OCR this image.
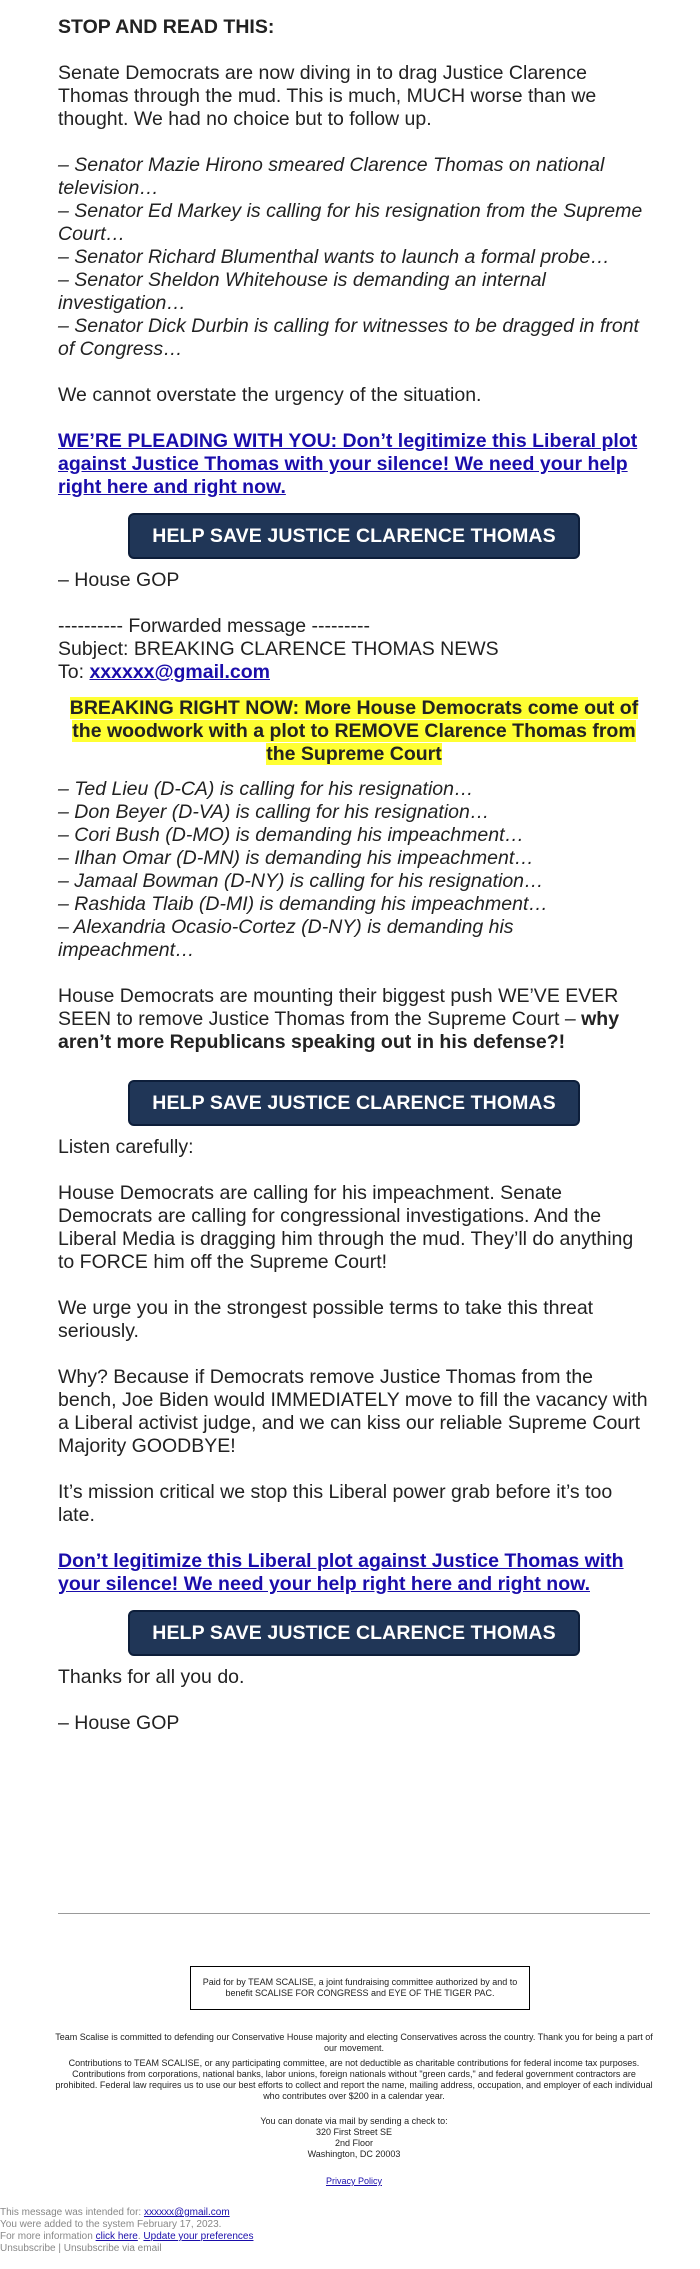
STOP AND READ THIS:

Senate Democrats are now diving in to drag Justice Clarence Thomas through the mud. This is much, MUCH worse than we thought. We had no choice but to follow up.

– Senator Mazie Hirono smeared Clarence Thomas on national television…

– Senator Ed Markey is calling for his resignation from the Supreme Court…

– Senator Richard Blumenthal wants to launch a formal probe…

– Senator Sheldon Whitehouse is demanding an internal investigation…

– Senator Dick Durbin is calling for witnesses to be dragged in front of Congress…

We cannot overstate the urgency of the situation.

WE’RE PLEADING WITH YOU: Don’t legitimize this Liberal plot against Justice Thomas with your silence! We need your help right here and right now.

HELP SAVE JUSTICE CLARENCE THOMAS

– House GOP

---------- Forwarded message ---------

Subject: BREAKING CLARENCE THOMAS NEWS

To: xxxxxx@gmail.com

BREAKING RIGHT NOW: More House Democrats come out of the woodwork with a plot to REMOVE Clarence Thomas from the Supreme Court

– Ted Lieu (D-CA) is calling for his resignation…

– Don Beyer (D-VA) is calling for his resignation…

– Cori Bush (D-MO) is demanding his impeachment…

– Ilhan Omar (D-MN) is demanding his impeachment…

– Jamaal Bowman (D-NY) is calling for his resignation…

– Rashida Tlaib (D-MI) is demanding his impeachment…

– Alexandria Ocasio-Cortez (D-NY) is demanding his impeachment…

House Democrats are mounting their biggest push WE’VE EVER SEEN to remove Justice Thomas from the Supreme Court – why aren’t more Republicans speaking out in his defense?!

HELP SAVE JUSTICE CLARENCE THOMAS

Listen carefully:

House Democrats are calling for his impeachment. Senate Democrats are calling for congressional investigations. And the Liberal Media is dragging him through the mud. They’ll do anything to FORCE him off the Supreme Court!

We urge you in the strongest possible terms to take this threat seriously.

Why? Because if Democrats remove Justice Thomas from the bench, Joe Biden would IMMEDIATELY move to fill the vacancy with a Liberal activist judge, and we can kiss our reliable Supreme Court Majority GOODBYE!

It’s mission critical we stop this Liberal power grab before it’s too late.

Don’t legitimize this Liberal plot against Justice Thomas with your silence! We need your help right here and right now.

HELP SAVE JUSTICE CLARENCE THOMAS

Thanks for all you do.

– House GOP

Paid for by TEAM SCALISE, a joint fundraising committee authorized by and to benefit SCALISE FOR CONGRESS and EYE OF THE TIGER PAC.
Team Scalise is committed to defending our Conservative House majority and electing Conservatives across the country. Thank you for being a part of our movement.
Contributions to TEAM SCALISE, or any participating committee, are not deductible as charitable contributions for federal income tax purposes. Contributions from corporations, national banks, labor unions, foreign nationals without "green cards," and federal government contractors are prohibited. Federal law requires us to use our best efforts to collect and report the name, mailing address, occupation, and employer of each individual who contributes over $200 in a calendar year.
You can donate via mail by sending a check to:
320 First Street SE
2nd Floor
Washington, DC 20003
Privacy Policy
This message was intended for: xxxxxx@gmail.com
You were added to the system February 17, 2023.
For more information click here. Update your preferences
Unsubscribe | Unsubscribe via email
